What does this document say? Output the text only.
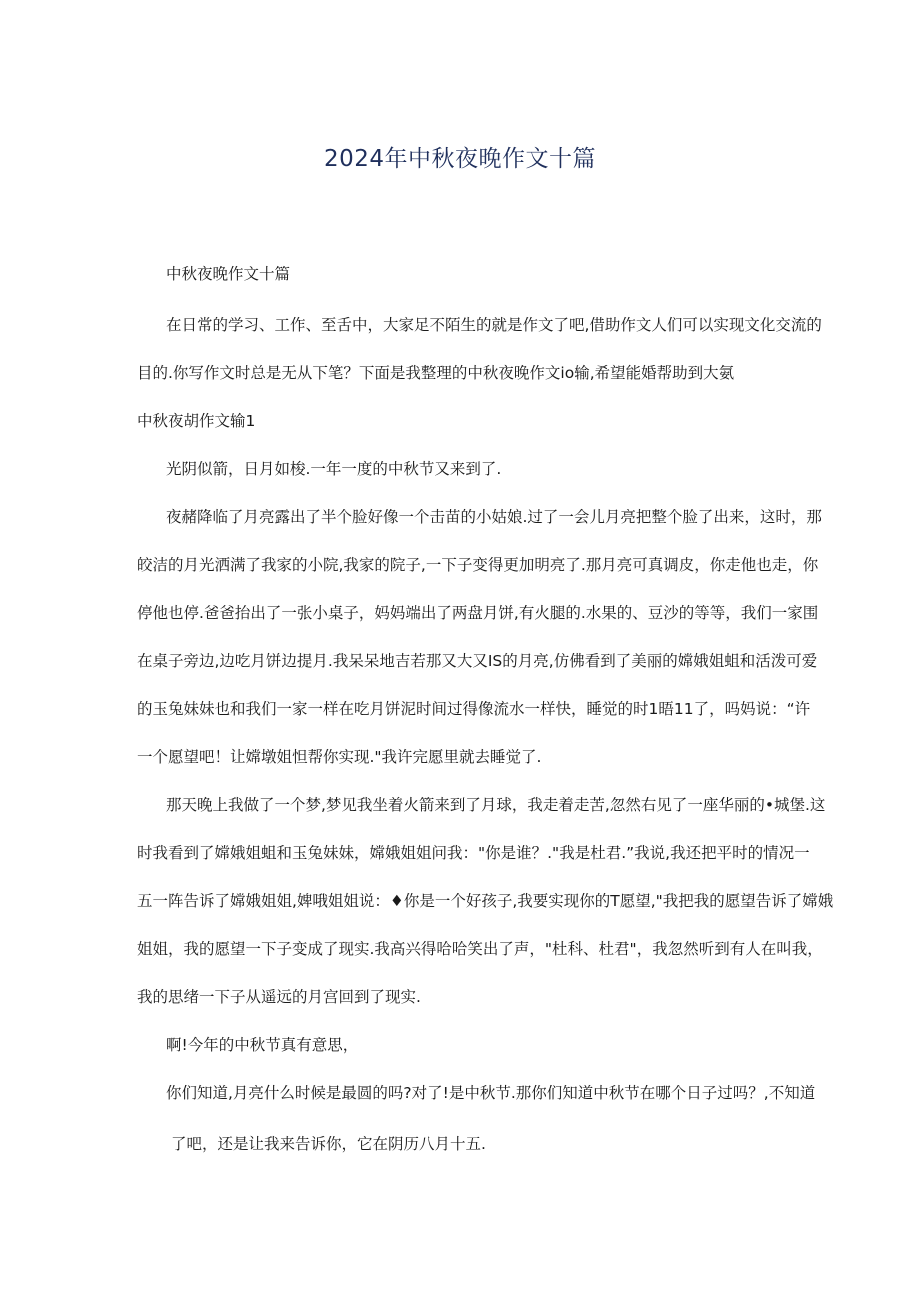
2024年中秋夜晚作文十篇
中秋夜晚作文十篇
在日常的学习、工作、至舌中，大家足不陌生的就是作文了吧,借助作文人们可以实现文化交流的
目的.你写作文时总是无从下笔？下面是我整理的中秋夜晚作文io输,希望能婚帮助到大氨
中秋夜胡作文输1
光阴似箭，日月如梭.一年一度的中秋节又来到了.
夜赭降临了月亮露出了半个脸好像一个击苗的小姑娘.过了一会儿月亮把整个脸了出来，这时，那
皎洁的月光洒满了我家的小院,我家的院子,一下子变得更加明亮了.那月亮可真调皮，你走他也走，你
停他也停.爸爸抬出了一张小桌子，妈妈端出了两盘月饼,有火腿的.水果的、豆沙的等等，我们一家围
在桌子旁边,边吃月饼边提月.我呆呆地吉若那又大又IS的月亮,仿佛看到了美丽的嫦娥姐蛆和活泼可爱
的玉兔妹妹也和我们一家一样在吃月饼泥时间过得像流水一样快，睡觉的时1晤11了，吗妈说：“许
一个愿望吧！让嫦墩姐怛帮你实现."我许完愿里就去睡觉了.
那天晚上我做了一个梦,梦见我坐着火箭来到了月球，我走着走苦,忽然右见了一座华丽的•城堡.这
时我看到了嫦娥姐蛆和玉兔妹妹，嫦娥姐姐问我："你是谁？."我是杜君.”我说,我还把平时的情况一
五一阵告诉了嫦娥姐姐,婢哦姐姐说：♦你是一个好孩子,我要实现你的T愿望,"我把我的愿望告诉了嫦娥
姐姐，我的愿望一下子变成了现实.我高兴得哈哈笑出了声，"杜科、杜君"，我忽然听到有人在叫我，
我的思绪一下子从遥远的月宫回到了现实.
啊!今年的中秋节真有意思，
你们知道,月亮什么时候是最圆的吗?对了!是中秋节.那你们知道中秋节在哪个日子过吗？,不知道
了吧，还是让我来告诉你，它在阴历八月十五.
